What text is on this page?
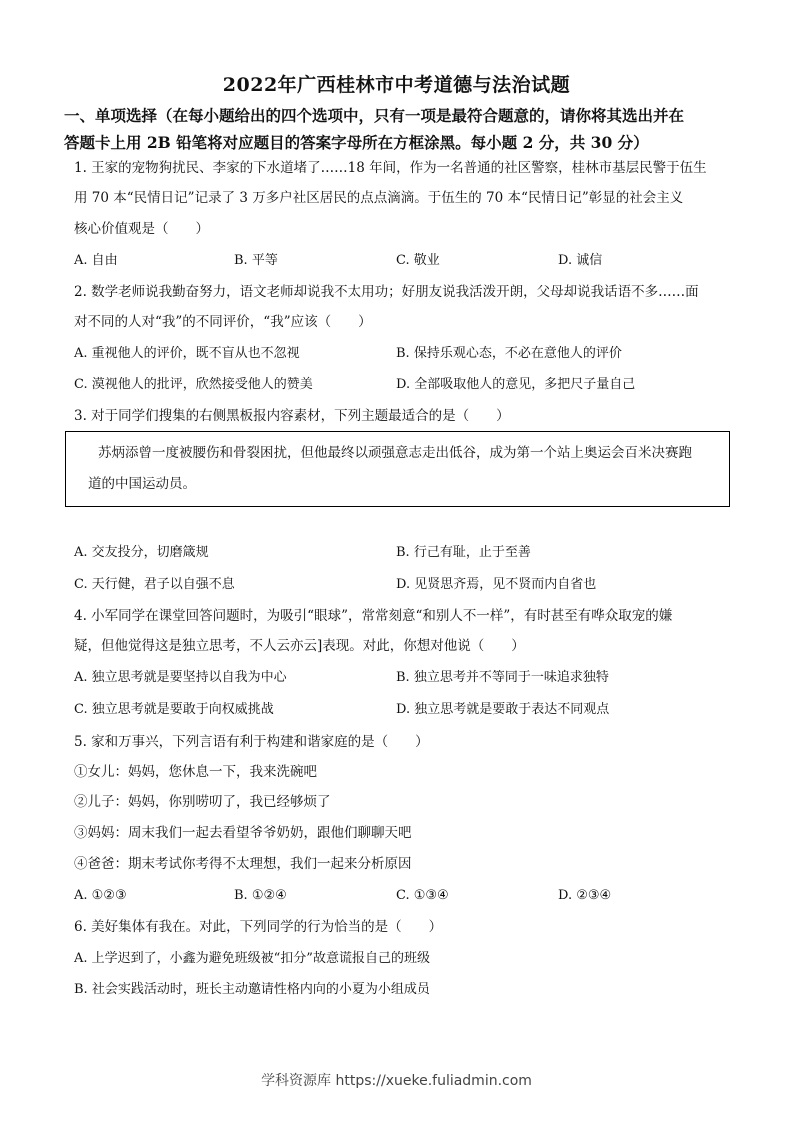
2022年广西桂林市中考道德与法治试题
一、单项选择（在每小题给出的四个选项中，只有一项是最符合题意的，请你将其选出并在
答题卡上用 2B 铅笔将对应题目的答案字母所在方框涂黑。每小题 2 分，共 30 分）
1. 王家的宠物狗扰民、李家的下水道堵了……18 年间，作为一名普通的社区警察，桂林市基层民警于伍生
用 70 本“民情日记”记录了 3 万多户社区居民的点点滴滴。于伍生的 70 本“民情日记”彰显的社会主义
核心价值观是（　　）
A. 自由	B. 平等	C. 敬业	D. 诚信
2. 数学老师说我勤奋努力，语文老师却说我不太用功；好朋友说我活泼开朗，父母却说我话语不多……面
对不同的人对“我”的不同评价，“我”应该（　　）
A. 重视他人的评价，既不盲从也不忽视	B. 保持乐观心态，不必在意他人的评价
C. 漠视他人的批评，欣然接受他人的赞美	D. 全部吸取他人的意见，多把尺子量自己
3. 对于同学们搜集的右侧黑板报内容素材，下列主题最适合的是（　　）
苏炳添曾一度被腰伤和骨裂困扰，但他最终以顽强意志走出低谷，成为第一个站上奥运会百米决赛跑
道的中国运动员。
A. 交友投分，切磨箴规	B. 行己有耻，止于至善
C. 天行健，君子以自强不息	D. 见贤思齐焉，见不贤而内自省也
4. 小军同学在课堂回答问题时，为吸引“眼球”，常常刻意“和别人不一样”，有时甚至有哗众取宠的嫌
疑，但他觉得这是独立思考，不人云亦云]表现。对此，你想对他说（　　）
A. 独立思考就是要坚持以自我为中心	B. 独立思考并不等同于一味追求独特
C. 独立思考就是要敢于向权威挑战	D. 独立思考就是要敢于表达不同观点
5. 家和万事兴，下列言语有利于构建和谐家庭的是（　　）
①女儿：妈妈，您休息一下，我来洗碗吧
②儿子：妈妈，你别唠叨了，我已经够烦了
③妈妈：周末我们一起去看望爷爷奶奶，跟他们聊聊天吧
④爸爸：期末考试你考得不太理想，我们一起来分析原因
A. ①②③	B. ①②④	C. ①③④	D. ②③④
6. 美好集体有我在。对此，下列同学的行为恰当的是（　　）
A. 上学迟到了，小鑫为避免班级被“扣分”故意谎报自己的班级
B. 社会实践活动时，班长主动邀请性格内向的小夏为小组成员
学科资源库 https://xueke.fuliadmin.com
